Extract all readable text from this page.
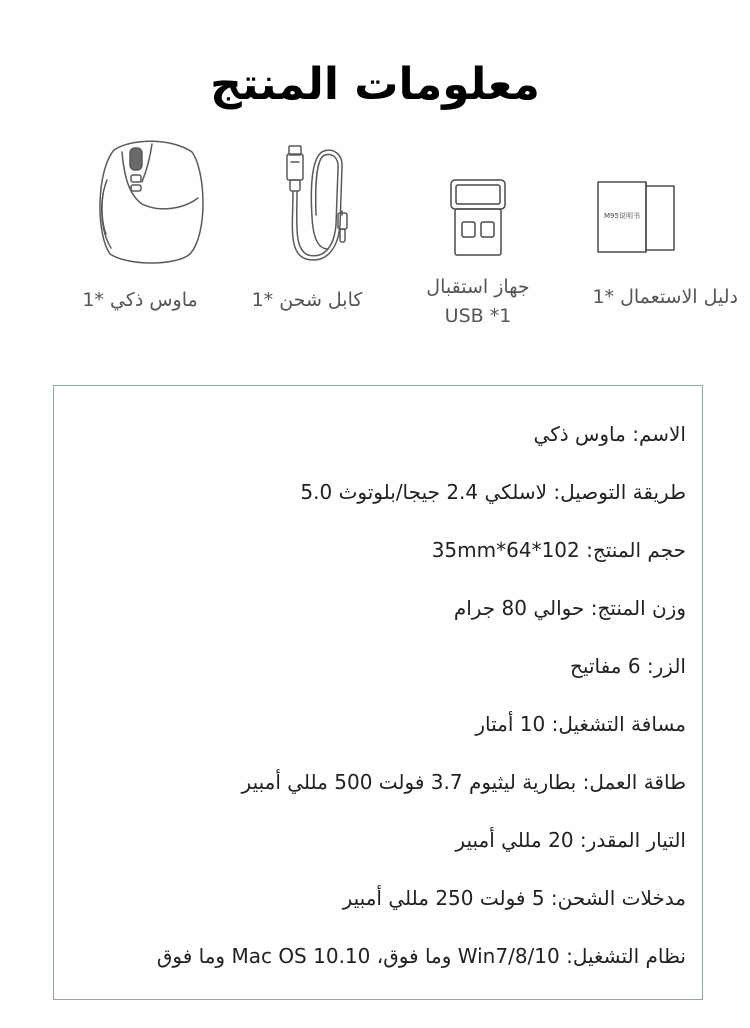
معلومات المنتج
M95说明书
ماوس ذكي *1	كابل شحن *1
جهاز استقبال
USB *1
دليل الاستعمال *1
الاسم: ماوس ذكي
طريقة التوصيل: لاسلكي 2.4 جيجا/بلوتوث 5.0
حجم المنتج: 102*64*35mm
وزن المنتج: حوالي 80 جرام
الزر: 6 مفاتيح
مسافة التشغيل: 10 أمتار
طاقة العمل: بطارية ليثيوم 3.7 فولت 500 مللي أمبير
التيار المقدر: 20 مللي أمبير
مدخلات الشحن: 5 فولت 250 مللي أمبير
نظام التشغيل: Win7/8/10 وما فوق، Mac OS 10.10 وما فوق
